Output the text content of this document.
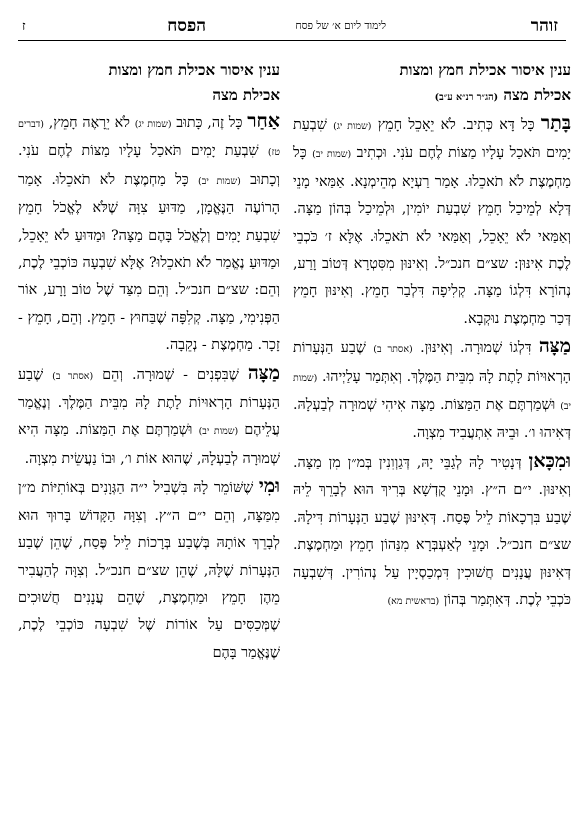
זוהר
לימוד ליום א׳ של פסח
הפסח
ז

ענין איסור אכילת חמץ ומצות

אכילת מצה (הג״ר רנ״א ע״ב)

בָּתַר כָּל דָּא כְּתִיב. לֹא יֵאָכֵל חָמֵץ (שמות יג) שִׁבְעַת יָמִים תֹּאכַל עָלָיו מַצּוֹת לֶחֶם עֹנִי. וּכְתִיב (שמות יב) כָּל מַחְמֶצֶת לֹא תֹאכֵלוּ. אָמַר רַעְיָא מְהֵימְנָא. אַמַּאי מָנֵי דְּלָא לְמֵיכַל חָמֵץ שִׁבְעַת יוֹמִין, וּלְמֵיכַל בְּהוֹן מַצָּה. וְאַמַּאי לֹא יֵאָכֵל, וְאַמַּאי לֹא תֹאכֵלוּ. אֶלָּא ז׳ כֹּכְבֵי לֶכֶת אִינּוּן: שצ״ם חנכ״ל. וְאִינּוּן מִסִּטְרָא דְּטוֹב וָרַע, נְהוֹרָא דִּלְגוֹ מַצָּה. קְלִיפָה דִּלְבַר חָמֵץ. וְאִינּוּן חָמֵץ דְּכַר מַחְמֶצֶת נוּקְבָא.

מַצָּה דִּלְגוֹ שְׁמוּרָה. וְאִינּוּן. (אסתר ב) שֶׁבַע הַנְּעָרוֹת הָרְאוּיוֹת לָתֶת לָהּ מִבֵּית הַמֶּלֶךְ. וְאִתְּמַר עָלַיְיהוּ. (שמות יב) וּשְׁמַרְתֶּם אֶת הַמַּצּוֹת. מַצָּה אִיהִי שְׁמוּרָה לְבַעְלָהּ. דְּאִיהוּ ו׳. וּבֵיהּ אִתְעֲבִיד מִצְוָה.

וּמִכָּאן דְּנָטִיר לָהּ לְגַבֵּי יָהּ, דְּגַוְוִנִין בְּמ״ן מִן מַצָּה. וְאִינּוּן. י״ם ה״ץ. וּמָנֵי קֻדְשָׁא בְּרִיךְ הוּא לְבָרֵךְ לֵיהּ שֶׁבַע בִּרְכָאוֹת לֵיל פֶּסַח. דְּאִינּוּן שֶׁבַע הַנְּעָרוֹת דִּילָהּ. שצ״ם חנכ״ל. וּמָנֵי לְאַעְבְּרָא מִנַּהוֹן חָמֵץ וּמַחְמֶצֶת. דְּאִינּוּן עֲנָנִים חֲשׁוּכִין דִּמְכַסְיָין עַל נְהוֹרִין. דְּשִׁבְעָה כֹּכְבֵי לֶכֶת. דְּאִתְּמַר בְּהוֹן (בראשית מא)

ענין איסור אכילת חמץ ומצות

אכילת מצה

אַחַר כָּל זֶה, כָּתוּב (שמות יג) לֹא יֵרָאֶה חָמֵץ, (דברים טז) שִׁבְעַת יָמִים תֹּאכַל עָלָיו מַצּוֹת לֶחֶם עֹנִי. וְכָתוּב (שמות יב) כָּל מַחְמֶצֶת לֹא תֹאכֵלוּ. אָמַר הָרוֹעֶה הַנֶּאֱמָן, מַדּוּעַ צִוָּה שֶׁלֹּא לֶאֱכֹל חָמֵץ שִׁבְעַת יָמִים וְלֶאֱכֹל בָּהֶם מַצָּה? וּמַדּוּעַ לֹא יֵאָכֵל, וּמַדּוּעַ נֶאֱמַר לֹא תֹאכֵלוּ? אֶלָּא שִׁבְעָה כּוֹכְבֵי לֶכֶת, וְהֵם: שצ״ם חנכ״ל. וְהֵם מִצַּד שֶׁל טוֹב וָרָע, אוֹר הַפְּנִימִי, מַצָּה. קְלִפָּה שֶׁבַּחוּץ - חָמֵץ. וְהֵם, חָמֵץ - זָכָר. מַחְמֶצֶת - נְקֵבָה.

מַצָּה שֶׁבִּפְנִים - שְׁמוּרָה. וְהֵם (אסתר ב) שֶׁבַע הַנְּעָרוֹת הָרְאוּיוֹת לָתֶת לָהּ מִבֵּית הַמֶּלֶךְ. וְנֶאֱמַר עֲלֵיהֶם (שמות יב) וּשְׁמַרְתֶּם אֶת הַמַּצּוֹת. מַצָּה הִיא שְׁמוּרָה לְבַעְלָהּ, שֶׁהוּא אוֹת ו׳, וּבוֹ נַעֲשֵׂית מִצְוָה.

וּמִי שֶׁשּׁוֹמֵר לָהּ בִּשְׁבִיל י״ה הַגְּוָנִים בְּאוֹתִיּוֹת מ״ן מִמַּצָּה, וְהֵם י״ם ה״ץ. וְצִוָּה הַקָּדוֹשׁ בָּרוּךְ הוּא לְבָרֵךְ אוֹתָהּ בְּשֶׁבַע בְּרָכוֹת לֵיל פֶּסַח, שֶׁהֵן שֶׁבַע הַנְּעָרוֹת שֶׁלָּהּ, שֶׁהֵן שצ״ם חנכ״ל. וְצִוָּה לְהַעֲבִיר מֵהֶן חָמֵץ וּמַחְמֶצֶת, שֶׁהֵם עֲנָנִים חֲשׁוּכִים שֶׁמְּכַסִּים עַל אוֹרוֹת שֶׁל שִׁבְעָה כּוֹכְבֵי לֶכֶת, שֶׁנֶּאֱמַר בָּהֶם
